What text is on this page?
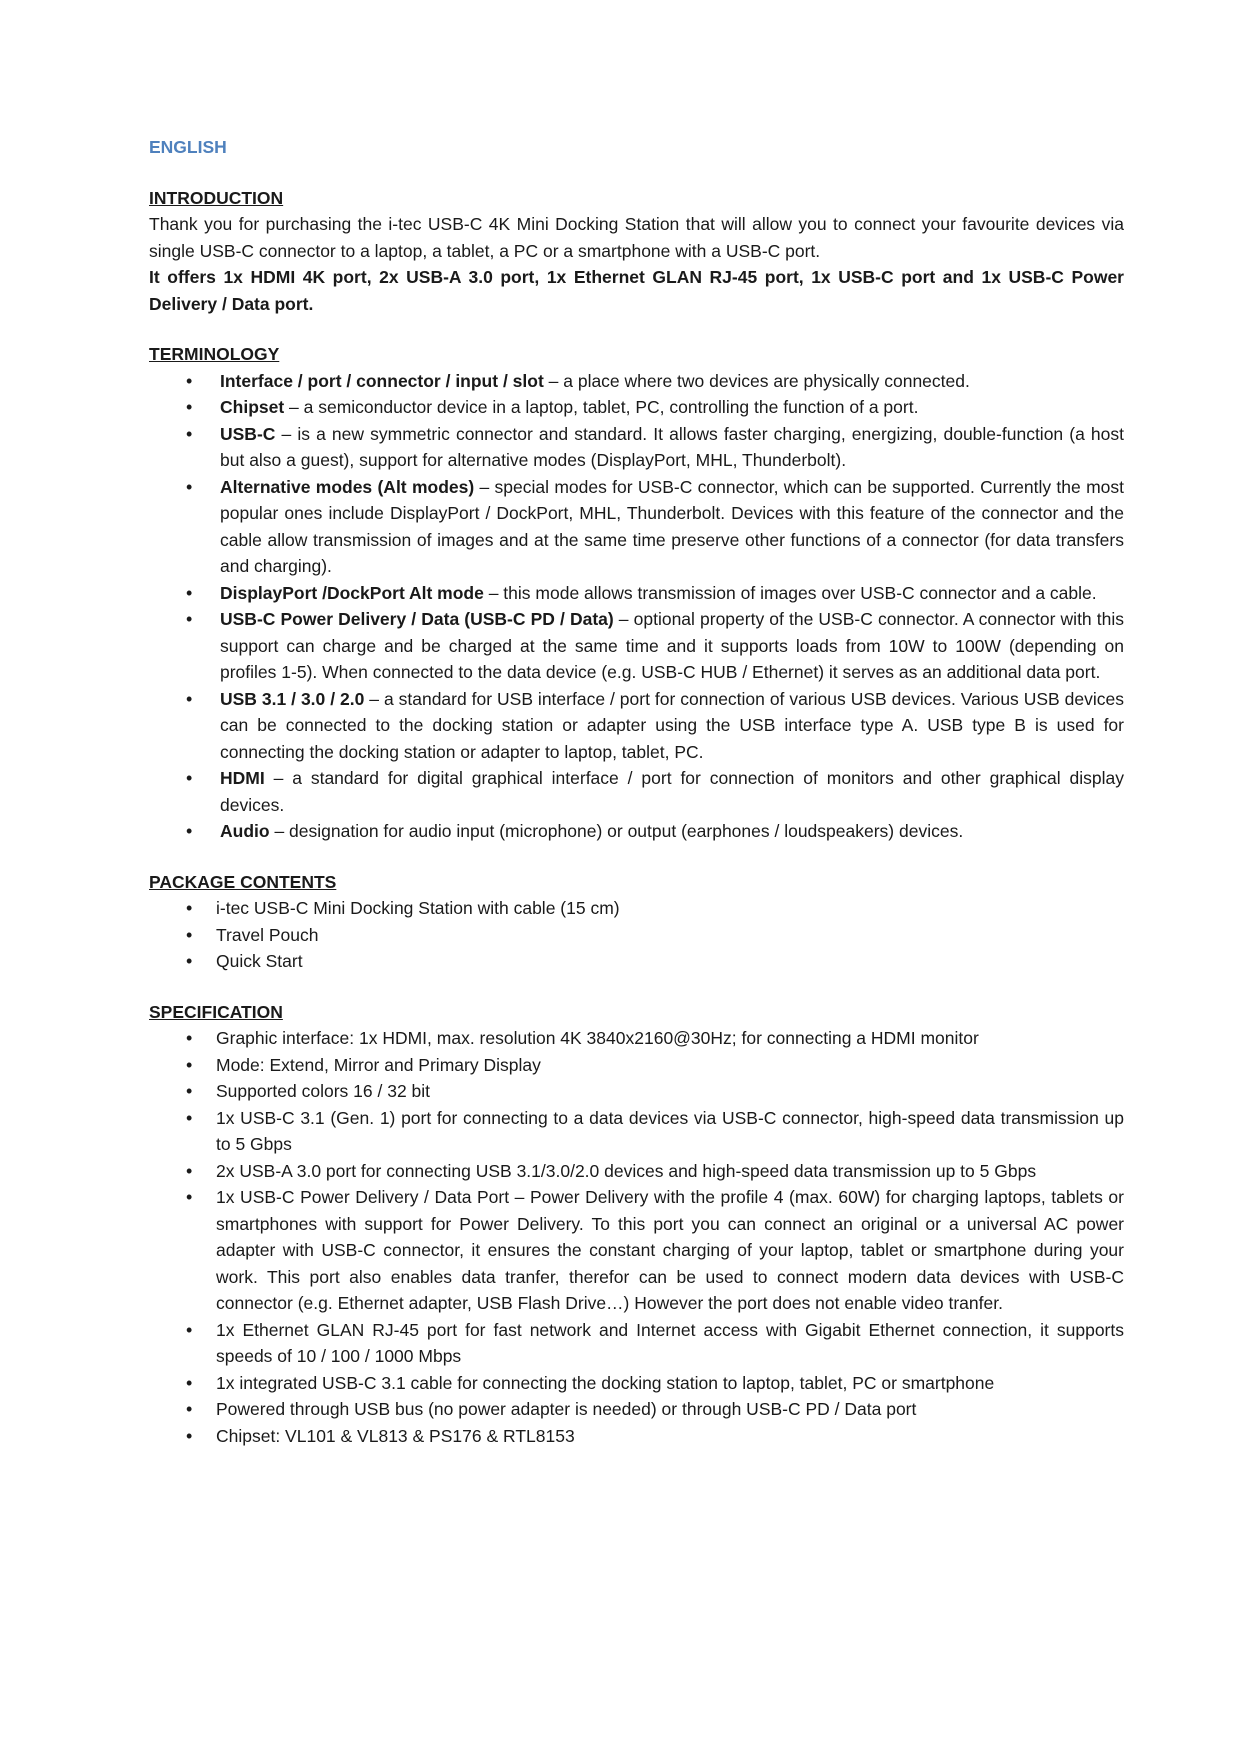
ENGLISH

INTRODUCTION

Thank you for purchasing the i-tec USB-C 4K Mini Docking Station that will allow you to connect your favourite devices via single USB-C connector to a laptop, a tablet, a PC or a smartphone with a USB-C port.

It offers 1x HDMI 4K port, 2x USB-A 3.0 port, 1x Ethernet GLAN RJ-45 port, 1x USB-C port and 1x USB-C Power Delivery / Data port.

TERMINOLOGY

• Interface / port / connector / input / slot – a place where two devices are physically connected.
• Chipset – a semiconductor device in a laptop, tablet, PC, controlling the function of a port.
• USB-C – is a new symmetric connector and standard. It allows faster charging, energizing, double-function (a host but also a guest), support for alternative modes (DisplayPort, MHL, Thunderbolt).
• Alternative modes (Alt modes) – special modes for USB-C connector, which can be supported. Currently the most popular ones include DisplayPort / DockPort, MHL, Thunderbolt. Devices with this feature of the connector and the cable allow transmission of images and at the same time preserve other functions of a connector (for data transfers and charging).
• DisplayPort /DockPort Alt mode – this mode allows transmission of images over USB-C connector and a cable.
• USB-C Power Delivery / Data (USB-C PD / Data) – optional property of the USB-C connector. A connector with this support can charge and be charged at the same time and it supports loads from 10W to 100W (depending on profiles 1-5). When connected to the data device (e.g. USB-C HUB / Ethernet) it serves as an additional data port.
• USB 3.1 / 3.0 / 2.0 – a standard for USB interface / port for connection of various USB devices. Various USB devices can be connected to the docking station or adapter using the USB interface type A. USB type B is used for connecting the docking station or adapter to laptop, tablet, PC.
• HDMI – a standard for digital graphical interface / port for connection of monitors and other graphical display devices.
• Audio – designation for audio input (microphone) or output (earphones / loudspeakers) devices.

PACKAGE CONTENTS

• i-tec USB-C Mini Docking Station with cable (15 cm)
• Travel Pouch
• Quick Start

SPECIFICATION

• Graphic interface: 1x HDMI, max. resolution 4K 3840x2160@30Hz; for connecting a HDMI monitor
• Mode: Extend, Mirror and Primary Display
• Supported colors 16 / 32 bit
• 1x USB-C 3.1 (Gen. 1) port for connecting to a data devices via USB-C connector, high-speed data transmission up to 5 Gbps
• 2x USB-A 3.0 port for connecting USB 3.1/3.0/2.0 devices and high-speed data transmission up to 5 Gbps
• 1x USB-C Power Delivery / Data Port – Power Delivery with the profile 4 (max. 60W) for charging laptops, tablets or smartphones with support for Power Delivery. To this port you can connect an original or a universal AC power adapter with USB-C connector, it ensures the constant charging of your laptop, tablet or smartphone during your work. This port also enables data tranfer, therefor can be used to connect modern data devices with USB-C connector (e.g. Ethernet adapter, USB Flash Drive…) However the port does not enable video tranfer.
• 1x Ethernet GLAN RJ-45 port for fast network and Internet access with Gigabit Ethernet connection, it supports speeds of 10 / 100 / 1000 Mbps
• 1x integrated USB-C 3.1 cable for connecting the docking station to laptop, tablet, PC or smartphone
• Powered through USB bus (no power adapter is needed) or through USB-C PD / Data port
• Chipset: VL101 & VL813 & PS176 & RTL8153
